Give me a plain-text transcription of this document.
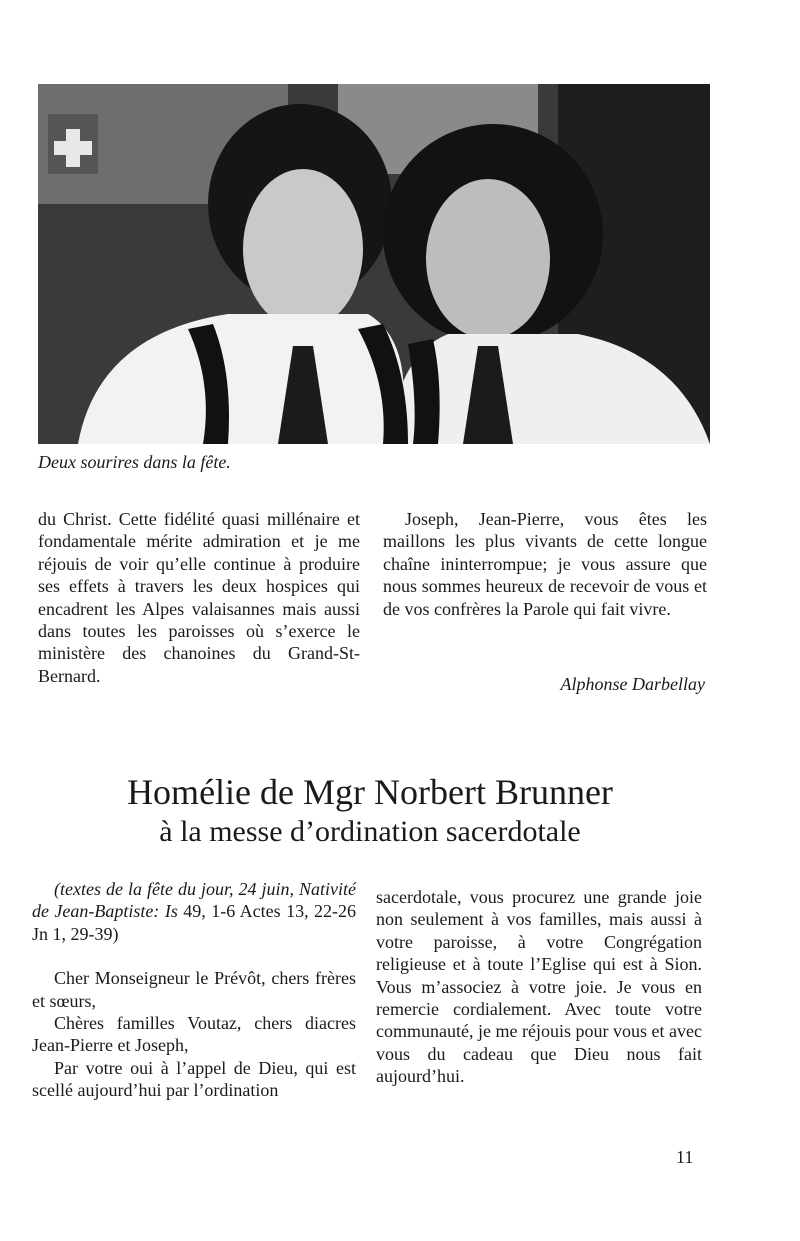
Deux sourires dans la fête.

du Christ. Cette fidélité quasi millénaire et fondamentale mérite admiration et je me réjouis de voir qu’elle continue à produire ses effets à travers les deux hospices qui encadrent les Alpes valaisannes mais aussi dans toutes les paroisses où s’exerce le ministère des chanoines du Grand-St-Bernard.

Joseph, Jean-Pierre, vous êtes les maillons les plus vivants de cette longue chaîne ininterrompue; je vous assure que nous sommes heureux de recevoir de vous et de vos confrères la Parole qui fait vivre.

Alphonse Darbellay
Homélie de Mgr Norbert Brunner
à la messe d’ordination sacerdotale

(textes de la fête du jour, 24 juin, Nativité de Jean-Baptiste: Is 49, 1-6 Actes 13, 22-26 Jn 1, 29-39)

Cher Monseigneur le Prévôt, chers frères et sœurs,

Chères familles Voutaz, chers diacres Jean-Pierre et Joseph,

Par votre oui à l’appel de Dieu, qui est scellé aujourd’hui par l’ordination

sacerdotale, vous procurez une grande joie non seulement à vos familles, mais aussi à votre paroisse, à votre Congrégation religieuse et à toute l’Eglise qui est à Sion. Vous m’associez à votre joie. Je vous en remercie cordialement. Avec toute votre communauté, je me réjouis pour vous et avec vous du cadeau que Dieu nous fait aujourd’hui.

11
